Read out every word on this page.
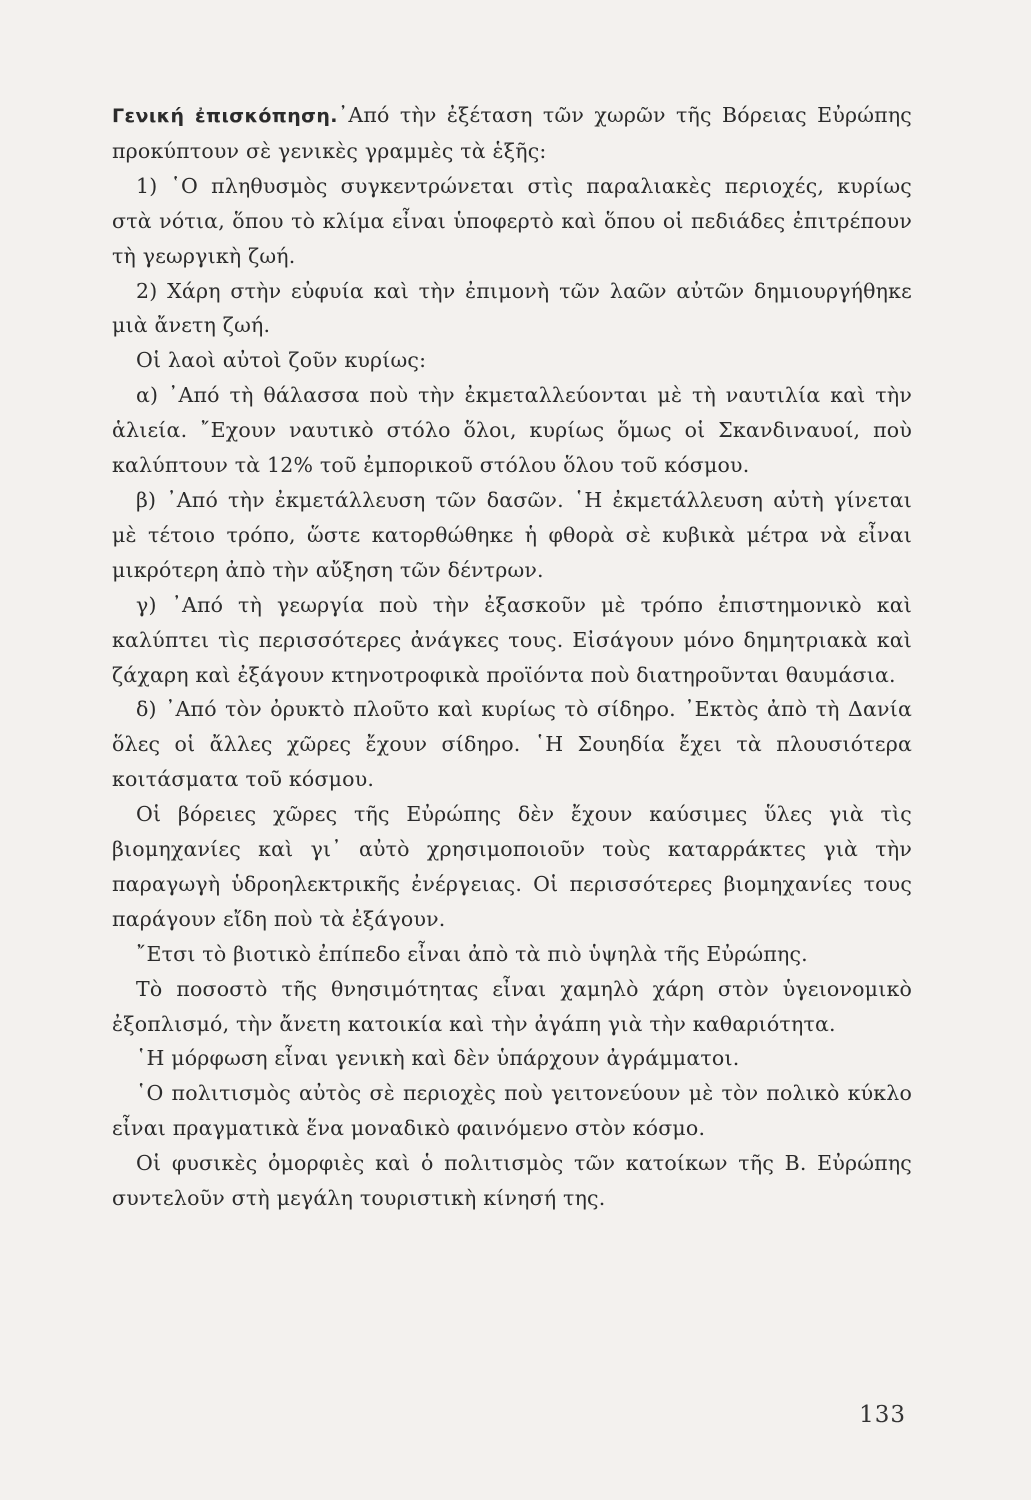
Γενική ἐπισκόπηση.᾿Από τὴν ἐξέταση τῶν χωρῶν τῆς Βόρειας Εὐρώπης προκύπτουν σὲ γενικὲς γραμμὲς τὰ ἑξῆς:

1) ῾Ο πληθυσμὸς συγκεντρώνεται στὶς παραλιακὲς περιοχές, κυρίως στὰ νότια, ὅπου τὸ κλίμα εἶναι ὑποφερτὸ καὶ ὅπου οἱ πεδιάδες ἐπιτρέπουν τὴ γεωργικὴ ζωή.

2) Χάρη στὴν εὐφυία καὶ τὴν ἐπιμονὴ τῶν λαῶν αὐτῶν δημιουργήθηκε μιὰ ἄνετη ζωή.

Οἱ λαοὶ αὐτοὶ ζοῦν κυρίως:

α) ᾿Από τὴ θάλασσα ποὺ τὴν ἐκμεταλλεύονται μὲ τὴ ναυτιλία καὶ τὴν ἁλιεία. ῎Εχουν ναυτικὸ στόλο ὅλοι, κυρίως ὅμως οἱ Σκανδιναυοί, ποὺ καλύπτουν τὰ 12% τοῦ ἐμπορικοῦ στόλου ὅλου τοῦ κόσμου.

β) ᾿Από τὴν ἐκμετάλλευση τῶν δασῶν. ῾Η ἐκμετάλλευση αὐτὴ γίνεται μὲ τέτοιο τρόπο, ὥστε κατορθώθηκε ἡ φθορὰ σὲ κυβικὰ μέτρα νὰ εἶναι μικρότερη ἀπὸ τὴν αὔξηση τῶν δέντρων.

γ) ᾿Από τὴ γεωργία ποὺ τὴν ἐξασκοῦν μὲ τρόπο ἐπιστημονικὸ καὶ καλύπτει τὶς περισσότερες ἀνάγκες τους. Εἰσάγουν μόνο δημητριακὰ καὶ ζάχαρη καὶ ἐξάγουν κτηνοτροφικὰ προϊόντα ποὺ διατηροῦνται θαυμάσια.

δ) ᾿Από τὸν ὀρυκτὸ πλοῦτο καὶ κυρίως τὸ σίδηρο. ᾿Εκτὸς ἀπὸ τὴ Δανία ὅλες οἱ ἄλλες χῶρες ἔχουν σίδηρο. ῾Η Σουηδία ἔχει τὰ πλουσιότερα κοιτάσματα τοῦ κόσμου.

Οἱ βόρειες χῶρες τῆς Εὐρώπης δὲν ἔχουν καύσιμες ὕλες γιὰ τὶς βιομηχανίες καὶ γι᾿ αὐτὸ χρησιμοποιοῦν τοὺς καταρράκτες γιὰ τὴν παραγωγὴ ὑδροηλεκτρικῆς ἐνέργειας. Οἱ περισσότερες βιομηχανίες τους παράγουν εἴδη ποὺ τὰ ἐξάγουν.

῎Ετσι τὸ βιοτικὸ ἐπίπεδο εἶναι ἀπὸ τὰ πιὸ ὑψηλὰ τῆς Εὐρώπης.

Τὸ ποσοστὸ τῆς θνησιμότητας εἶναι χαμηλὸ χάρη στὸν ὑγειονομικὸ ἐξοπλισμό, τὴν ἄνετη κατοικία καὶ τὴν ἀγάπη γιὰ τὴν καθαριότητα.

῾Η μόρφωση εἶναι γενικὴ καὶ δὲν ὑπάρχουν ἀγράμματοι.

῾Ο πολιτισμὸς αὐτὸς σὲ περιοχὲς ποὺ γειτονεύουν μὲ τὸν πολικὸ κύκλο εἶναι πραγματικὰ ἕνα μοναδικὸ φαινόμενο στὸν κόσμο.

Οἱ φυσικὲς ὀμορφιὲς καὶ ὁ πολιτισμὸς τῶν κατοίκων τῆς Β. Εὐρώπης συντελοῦν στὴ μεγάλη τουριστικὴ κίνησή της.

133
